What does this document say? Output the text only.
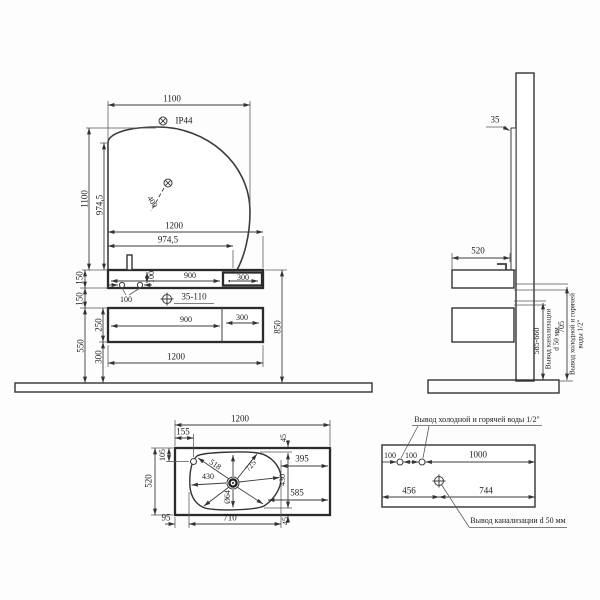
1100
IP44
1100 974,5	400
1200
974,5
900	300
100
100	35-110
150
150
550
250
300
850
900	300
1200
35
520
585-660 Вывод канализации d 50 мм
705 Вывод холодной и горячей воды 1/2"
1200
155
105
520
95	710
45
395
430
585
45
518	725
430
Ø64
Вывод холодной и горячей воды 1/2"
100 100	1000
456	744
Вывод канализации d 50 мм
